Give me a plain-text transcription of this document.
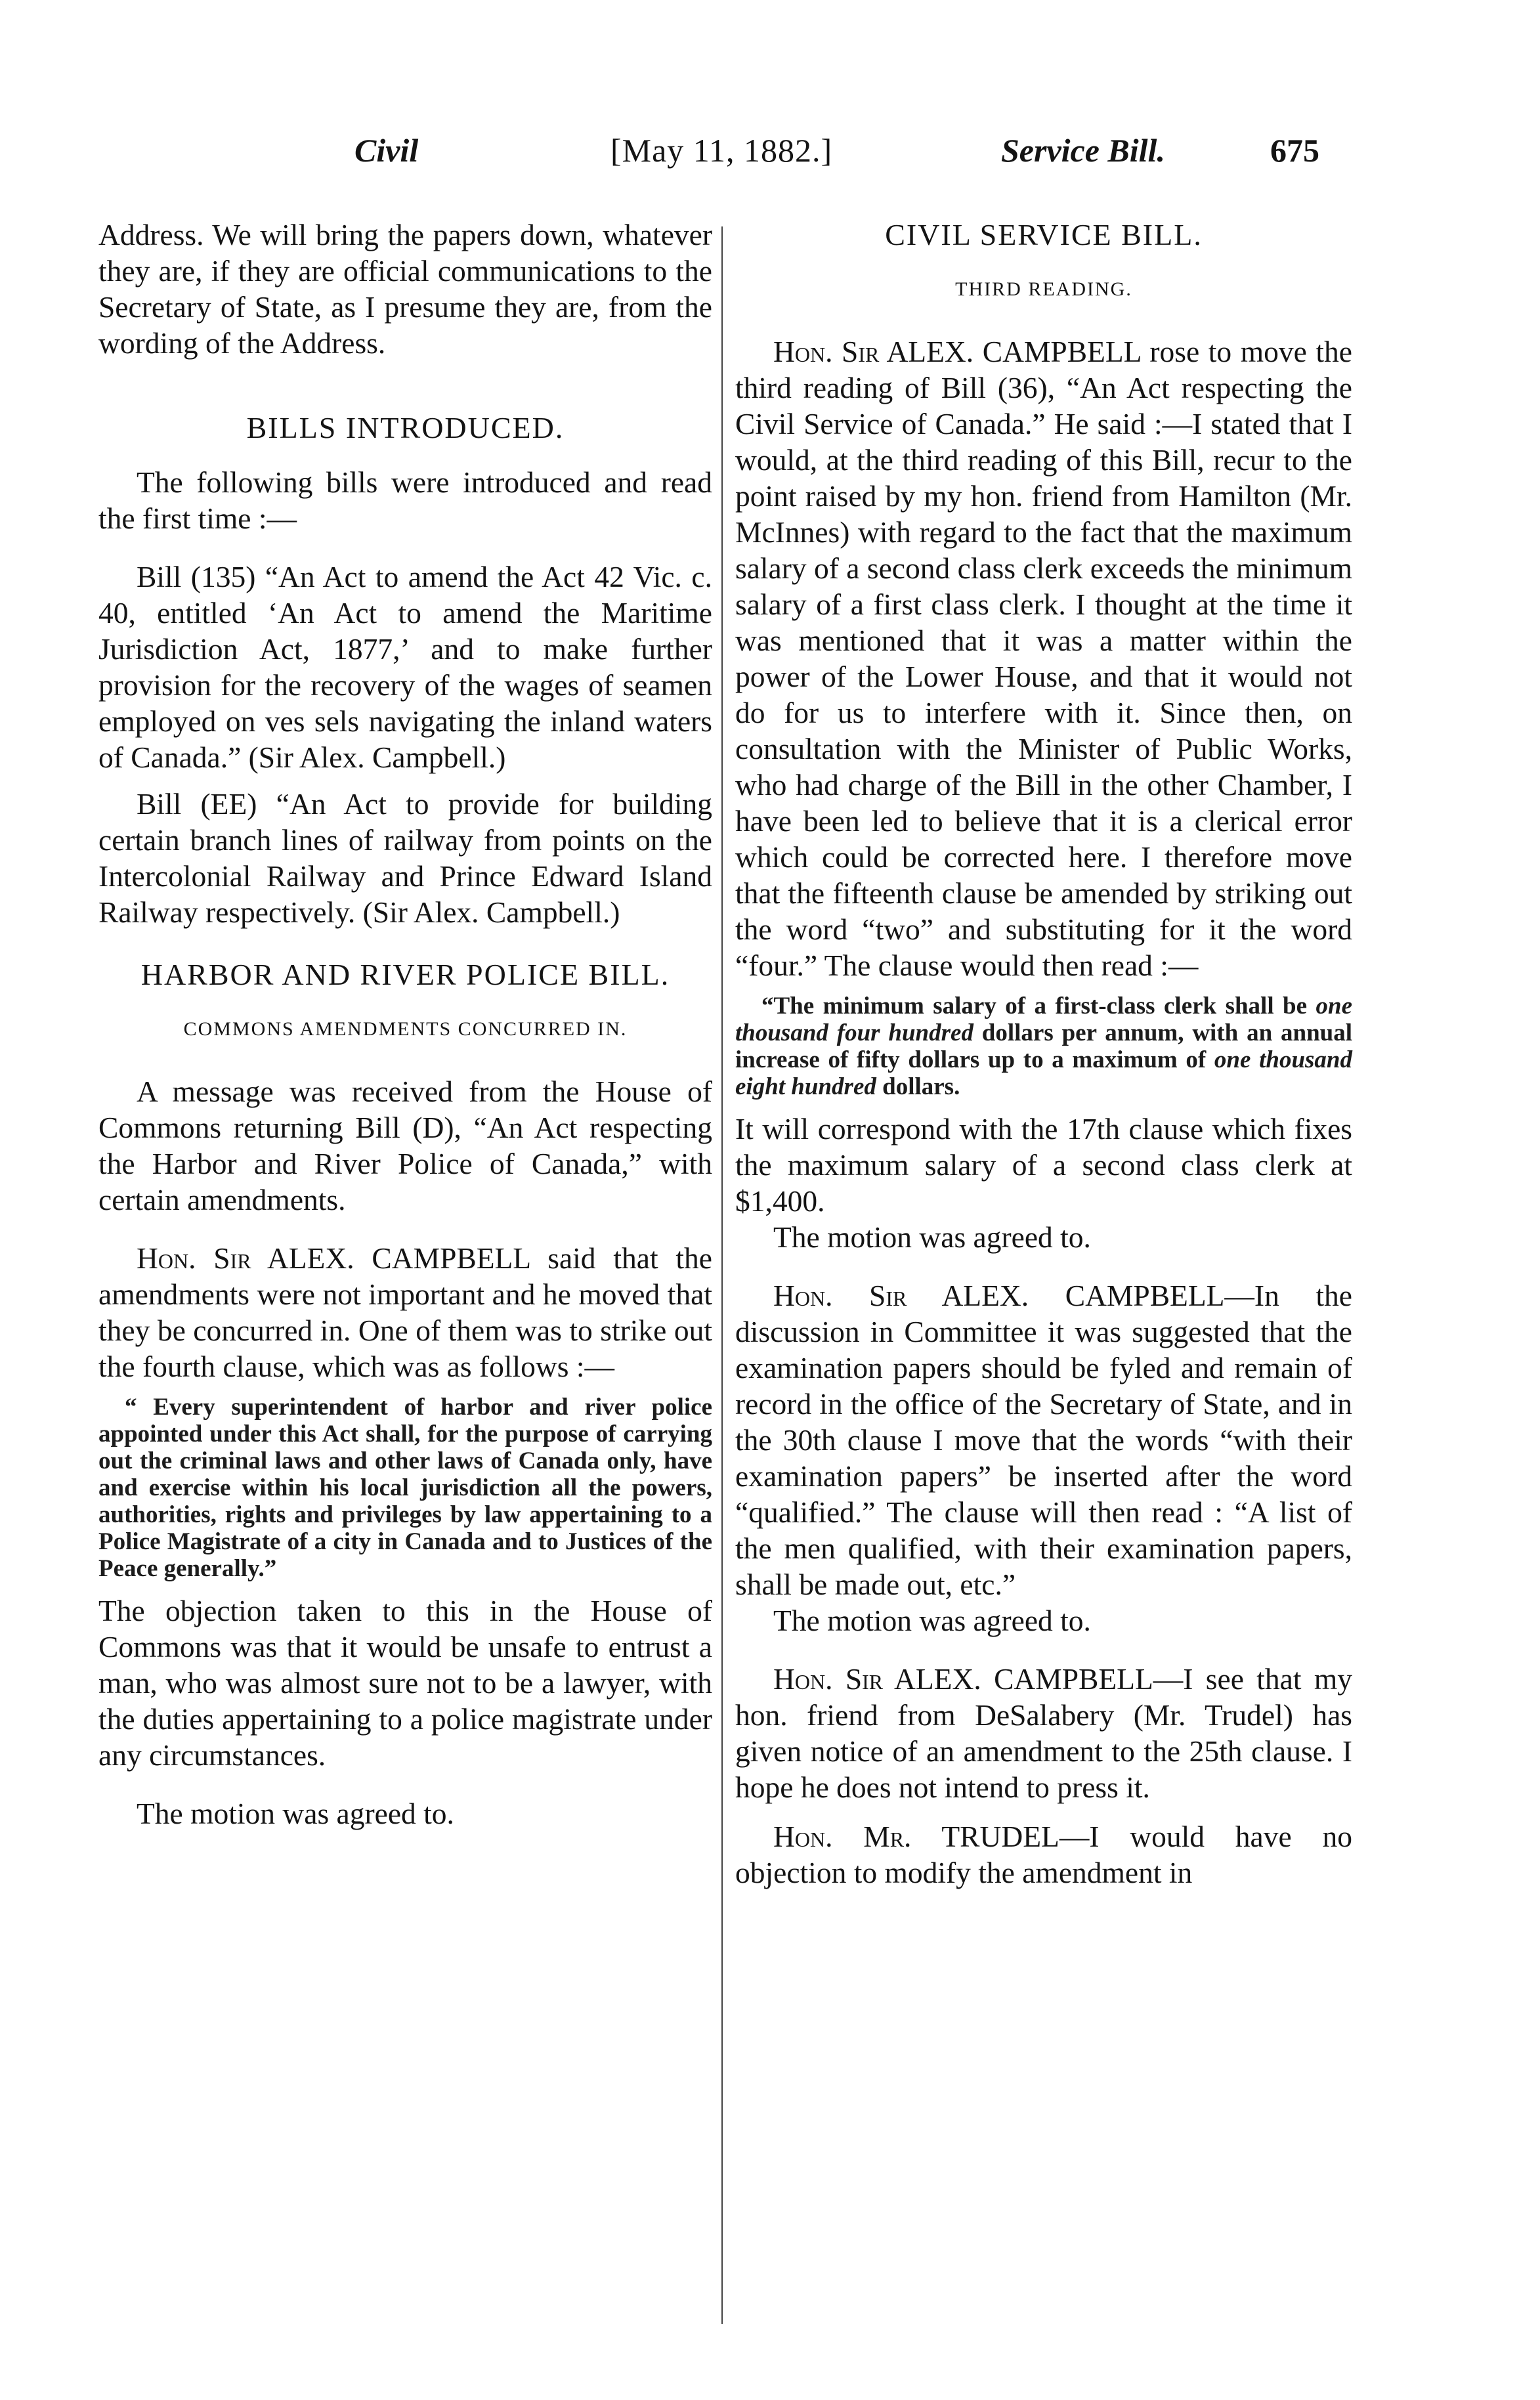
Civil	[May 11, 1882.]	Service Bill.	675

Address. We will bring the papers down, whatever they are, if they are official communications to the Secretary of State, as I presume they are, from the wording of the Address.

BILLS INTRODUCED.

The following bills were introduced and read the first time :—

Bill (135) “An Act to amend the Act 42 Vic. c. 40, entitled ‘An Act to amend the Maritime Jurisdiction Act, 1877,’ and to make further provision for the recovery of the wages of seamen employed on ves sels navigating the inland waters of Canada.” (Sir Alex. Campbell.)

Bill (EE) “An Act to provide for building certain branch lines of railway from points on the Intercolonial Railway and Prince Edward Island Railway respectively. (Sir Alex. Campbell.)

HARBOR AND RIVER POLICE BILL.
COMMONS AMENDMENTS CONCURRED IN.

A message was received from the House of Commons returning Bill (D), “An Act respecting the Harbor and River Police of Canada,” with certain amendments.

Hon. Sir ALEX. CAMPBELL said that the amendments were not important and he moved that they be concurred in. One of them was to strike out the fourth clause, which was as follows :—

“ Every superintendent of harbor and river police appointed under this Act shall, for the purpose of carrying out the criminal laws and other laws of Canada only, have and exercise within his local jurisdiction all the powers, authorities, rights and privileges by law appertaining to a Police Magistrate of a city in Canada and to Justices of the Peace generally.”

The objection taken to this in the House of Commons was that it would be unsafe to entrust a man, who was almost sure not to be a lawyer, with the duties appertaining to a police magistrate under any circumstances.

The motion was agreed to.

CIVIL SERVICE BILL.
THIRD READING.

Hon. Sir ALEX. CAMPBELL rose to move the third reading of Bill (36), “An Act respecting the Civil Service of Canada.” He said :—I stated that I would, at the third reading of this Bill, recur to the point raised by my hon. friend from Hamilton (Mr. McInnes) with regard to the fact that the maximum salary of a second class clerk exceeds the minimum salary of a first class clerk. I thought at the time it was mentioned that it was a matter within the power of the Lower House, and that it would not do for us to interfere with it. Since then, on consultation with the Minister of Public Works, who had charge of the Bill in the other Chamber, I have been led to believe that it is a clerical error which could be corrected here. I therefore move that the fifteenth clause be amended by striking out the word “two” and substituting for it the word “four.” The clause would then read :—

“The minimum salary of a first-class clerk shall be one thousand four hundred dollars per annum, with an annual increase of fifty dollars up to a maximum of one thousand eight hundred dollars.

It will correspond with the 17th clause which fixes the maximum salary of a second class clerk at $1,400.

The motion was agreed to.

Hon. Sir ALEX. CAMPBELL—In the discussion in Committee it was suggested that the examination papers should be fyled and remain of record in the office of the Secretary of State, and in the 30th clause I move that the words “with their examination papers” be inserted after the word “qualified.” The clause will then read : “A list of the men qualified, with their examination papers, shall be made out, etc.”

The motion was agreed to.

Hon. Sir ALEX. CAMPBELL—I see that my hon. friend from DeSalabery (Mr. Trudel) has given notice of an amendment to the 25th clause. I hope he does not intend to press it.

Hon. Mr. TRUDEL—I would have no objection to modify the amendment in
